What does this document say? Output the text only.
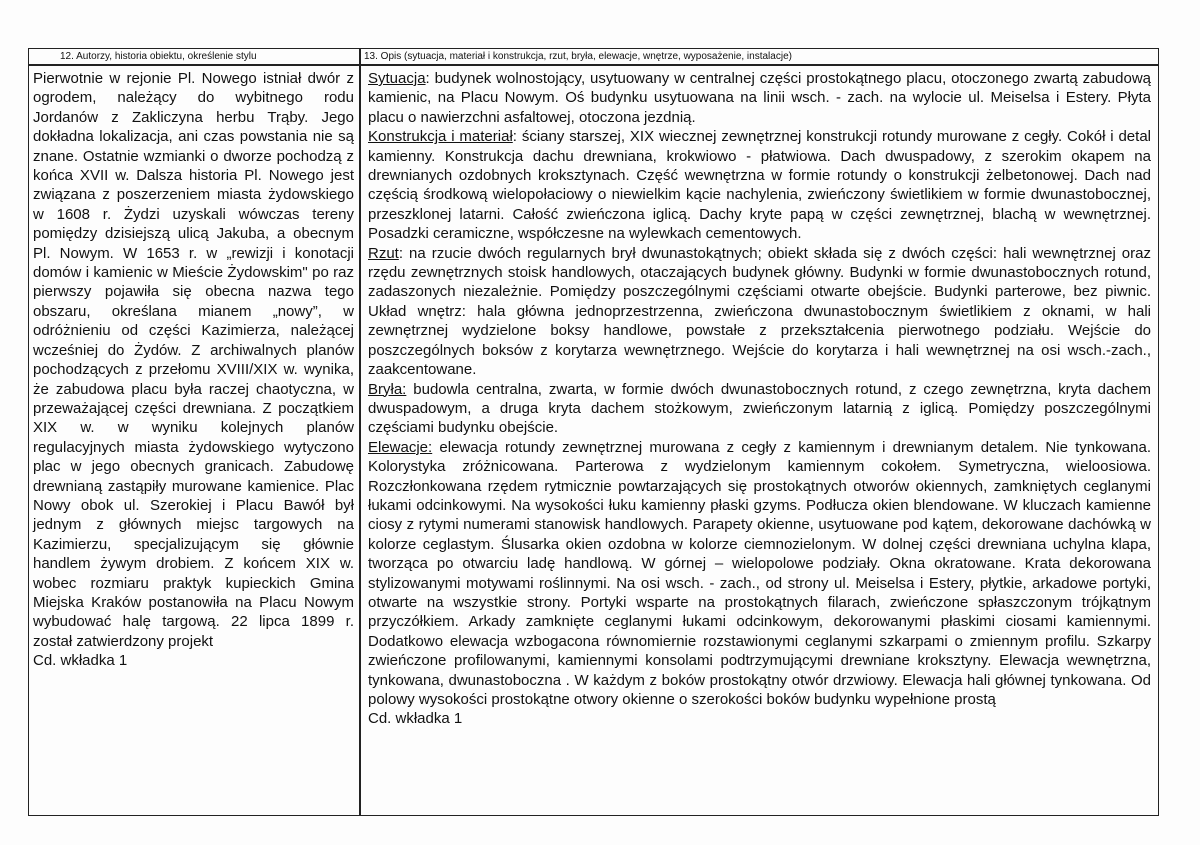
12. Autorzy, historia obiektu, określenie stylu	13. Opis (sytuacja, materiał i konstrukcja, rzut, bryła, elewacje, wnętrze, wyposażenie, instalacje)

Pierwotnie w rejonie Pl. Nowego istniał dwór z ogrodem, należący do wybitnego rodu Jordanów z Zakliczyna herbu Trąby. Jego dokładna lokalizacja, ani czas powstania nie są znane. Ostatnie wzmianki o dworze pochodzą z końca XVII w. Dalsza historia Pl. Nowego jest związana z poszerzeniem miasta żydowskiego w 1608 r. Żydzi uzyskali wówczas tereny pomiędzy dzisiejszą ulicą Jakuba, a obecnym Pl. Nowym. W 1653 r. w „rewizji i konotacji domów i kamienic w Mieście Żydowskim" po raz pierwszy pojawiła się obecna nazwa tego obszaru, określana mianem „nowy”, w odróżnieniu od części Kazimierza, należącej wcześniej do Żydów. Z archiwalnych planów pochodzących z przełomu XVIII/XIX w. wynika, że zabudowa placu była raczej chaotyczna, w przeważającej części drewniana. Z początkiem XIX w. w wyniku kolejnych planów regulacyjnych miasta żydowskiego wytyczono plac w jego obecnych granicach. Zabudowę drewnianą zastąpiły murowane kamienice. Plac Nowy obok ul. Szerokiej i Placu Bawół był jednym z głównych miejsc targowych na Kazimierzu, specjalizującym się głównie handlem żywym drobiem. Z końcem XIX w. wobec rozmiaru praktyk kupieckich Gmina Miejska Kraków postanowiła na Placu Nowym wybudować halę targową. 22 lipca 1899 r. został zatwierdzony projekt

Cd. wkładka 1

Sytuacja: budynek wolnostojący, usytuowany w centralnej części prostokątnego placu, otoczonego zwartą zabudową kamienic, na Placu Nowym. Oś budynku usytuowana na linii wsch. - zach. na wylocie ul. Meiselsa i Estery. Płyta placu o nawierzchni asfaltowej, otoczona jezdnią.

Konstrukcja i materiał: ściany starszej, XIX wiecznej zewnętrznej konstrukcji rotundy murowane z cegły. Cokół i detal kamienny. Konstrukcja dachu drewniana, krokwiowo - płatwiowa. Dach dwuspadowy, z szerokim okapem na drewnianych ozdobnych kroksztynach. Część wewnętrzna w formie rotundy o konstrukcji żelbetonowej. Dach nad częścią środkową wielopołaciowy o niewielkim kącie nachylenia, zwieńczony świetlikiem w formie dwunastobocznej, przeszklonej latarni. Całość zwieńczona iglicą. Dachy kryte papą w części zewnętrznej, blachą w wewnętrznej. Posadzki ceramiczne, współczesne na wylewkach cementowych.

Rzut: na rzucie dwóch regularnych brył dwunastokątnych; obiekt składa się z dwóch części: hali wewnętrznej oraz rzędu zewnętrznych stoisk handlowych, otaczających budynek główny. Budynki w formie dwunastobocznych rotund, zadaszonych niezależnie. Pomiędzy poszczególnymi częściami otwarte obejście. Budynki parterowe, bez piwnic. Układ wnętrz: hala główna jednoprzestrzenna, zwieńczona dwunastobocznym świetlikiem z oknami, w hali zewnętrznej wydzielone boksy handlowe, powstałe z przekształcenia pierwotnego podziału. Wejście do poszczególnych boksów z korytarza wewnętrznego. Wejście do korytarza i hali wewnętrznej na osi wsch.-zach., zaakcentowane.

Bryła: budowla centralna, zwarta, w formie dwóch dwunastobocznych rotund, z czego zewnętrzna, kryta dachem dwuspadowym, a druga kryta dachem stożkowym, zwieńczonym latarnią z iglicą. Pomiędzy poszczególnymi częściami budynku obejście.

Elewacje: elewacja rotundy zewnętrznej murowana z cegły z kamiennym i drewnianym detalem. Nie tynkowana. Kolorystyka zróżnicowana. Parterowa z wydzielonym kamiennym cokołem. Symetryczna, wieloosiowa. Rozczłonkowana rzędem rytmicznie powtarzających się prostokątnych otworów okiennych, zamkniętych ceglanymi łukami odcinkowymi. Na wysokości łuku kamienny płaski gzyms. Podłucza okien blendowane. W kluczach kamienne ciosy z rytymi numerami stanowisk handlowych. Parapety okienne, usytuowane pod kątem, dekorowane dachówką w kolorze ceglastym. Ślusarka okien ozdobna w kolorze ciemnozielonym. W dolnej części drewniana uchylna klapa, tworząca po otwarciu ladę handlową. W górnej – wielopolowe podziały. Okna okratowane. Krata dekorowana stylizowanymi motywami roślinnymi. Na osi wsch. - zach., od strony ul. Meiselsa i Estery, płytkie, arkadowe portyki, otwarte na wszystkie strony. Portyki wsparte na prostokątnych filarach, zwieńczone spłaszczonym trójkątnym przyczółkiem. Arkady zamknięte ceglanymi łukami odcinkowym, dekorowanymi płaskimi ciosami kamiennymi. Dodatkowo elewacja wzbogacona równomiernie rozstawionymi ceglanymi szkarpami o zmiennym profilu. Szkarpy zwieńczone profilowanymi, kamiennymi konsolami podtrzymującymi drewniane kroksztyny. Elewacja wewnętrzna, tynkowana, dwunastoboczna . W każdym z boków prostokątny otwór drzwiowy. Elewacja hali głównej tynkowana. Od polowy wysokości prostokątne otwory okienne o szerokości boków budynku wypełnione prostą

Cd. wkładka 1
